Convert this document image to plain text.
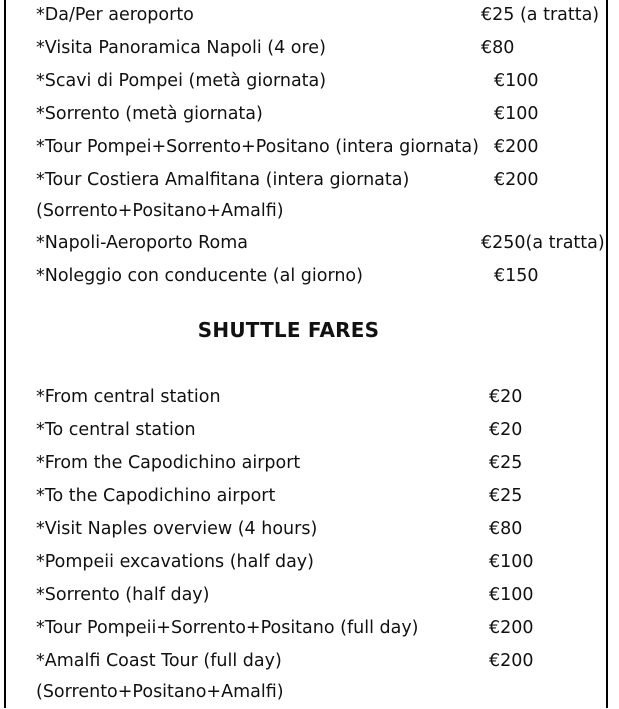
*Da/Per aeroporto	€25 (a tratta)
*Visita Panoramica Napoli (4 ore)	€80
*Scavi di Pompei (metà giornata)	€100
*Sorrento (metà giornata)	€100
*Tour Pompei+Sorrento+Positano (intera giornata) €200
*Tour Costiera Amalfitana (intera giornata)	€200
(Sorrento+Positano+Amalfi)
*Napoli-Aeroporto Roma	€250(a tratta)
*Noleggio con conducente (al giorno)	€150
SHUTTLE FARES
*From central station	€20
*To central station	€20
*From the Capodichino airport	€25
*To the Capodichino airport	€25
*Visit Naples overview (4 hours)	€80
*Pompeii excavations (half day)	€100
*Sorrento (half day)	€100
*Tour Pompeii+Sorrento+Positano (full day)	€200
*Amalfi Coast Tour (full day)	€200
(Sorrento+Positano+Amalfi)
